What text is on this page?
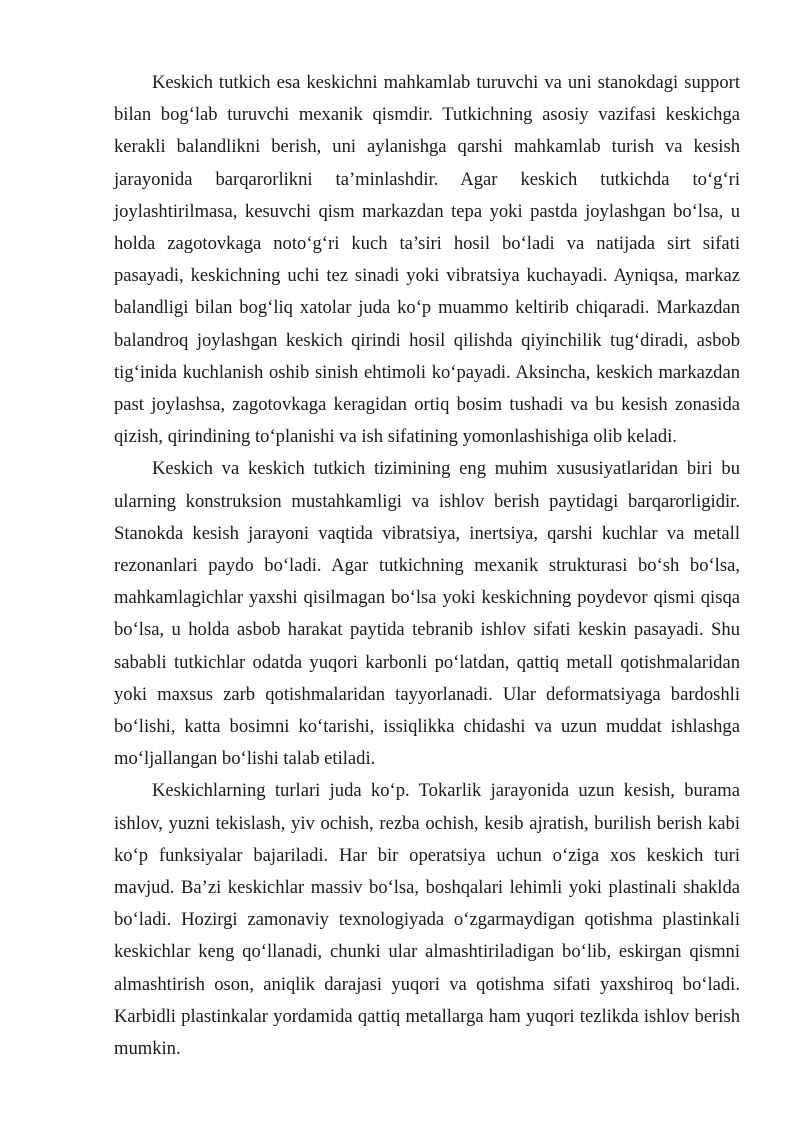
Keskich tutkich esa keskichni mahkamlab turuvchi va uni stanokdagi support bilan bog‘lab turuvchi mexanik qismdir. Tutkichning asosiy vazifasi keskichga kerakli balandlikni berish, uni aylanishga qarshi mahkamlab turish va kesish jarayonida barqarorlikni ta’minlashdir. Agar keskich tutkichda to‘g‘ri joylashtirilmasa, kesuvchi qism markazdan tepa yoki pastda joylashgan bo‘lsa, u holda zagotovkaga noto‘g‘ri kuch ta’siri hosil bo‘ladi va natijada sirt sifati pasayadi, keskichning uchi tez sinadi yoki vibratsiya kuchayadi. Ayniqsa, markaz balandligi bilan bog‘liq xatolar juda ko‘p muammo keltirib chiqaradi. Markazdan balandroq joylashgan keskich qirindi hosil qilishda qiyinchilik tug‘diradi, asbob tig‘inida kuchlanish oshib sinish ehtimoli ko‘payadi. Aksincha, keskich markazdan past joylashsa, zagotovkaga keragidan ortiq bosim tushadi va bu kesish zonasida qizish, qirindining to‘planishi va ish sifatining yomonlashishiga olib keladi.

Keskich va keskich tutkich tizimining eng muhim xususiyatlaridan biri bu ularning konstruksion mustahkamligi va ishlov berish paytidagi barqarorligidir. Stanokda kesish jarayoni vaqtida vibratsiya, inertsiya, qarshi kuchlar va metall rezonanlari paydo bo‘ladi. Agar tutkichning mexanik strukturasi bo‘sh bo‘lsa, mahkamlagichlar yaxshi qisilmagan bo‘lsa yoki keskichning poydevor qismi qisqa bo‘lsa, u holda asbob harakat paytida tebranib ishlov sifati keskin pasayadi. Shu sababli tutkichlar odatda yuqori karbonli po‘latdan, qattiq metall qotishmalaridan yoki maxsus zarb qotishmalaridan tayyorlanadi. Ular deformatsiyaga bardoshli bo‘lishi, katta bosimni ko‘tarishi, issiqlikka chidashi va uzun muddat ishlashga mo‘ljallangan bo‘lishi talab etiladi.

Keskichlarning turlari juda ko‘p. Tokarlik jarayonida uzun kesish, burama ishlov, yuzni tekislash, yiv ochish, rezba ochish, kesib ajratish, burilish berish kabi ko‘p funksiyalar bajariladi. Har bir operatsiya uchun o‘ziga xos keskich turi mavjud. Ba’zi keskichlar massiv bo‘lsa, boshqalari lehimli yoki plastinali shaklda bo‘ladi. Hozirgi zamonaviy texnologiyada o‘zgarmaydigan qotishma plastinkali keskichlar keng qo‘llanadi, chunki ular almashtiriladigan bo‘lib, eskirgan qismni almashtirish oson, aniqlik darajasi yuqori va qotishma sifati yaxshiroq bo‘ladi. Karbidli plastinkalar yordamida qattiq metallarga ham yuqori tezlikda ishlov berish mumkin.
